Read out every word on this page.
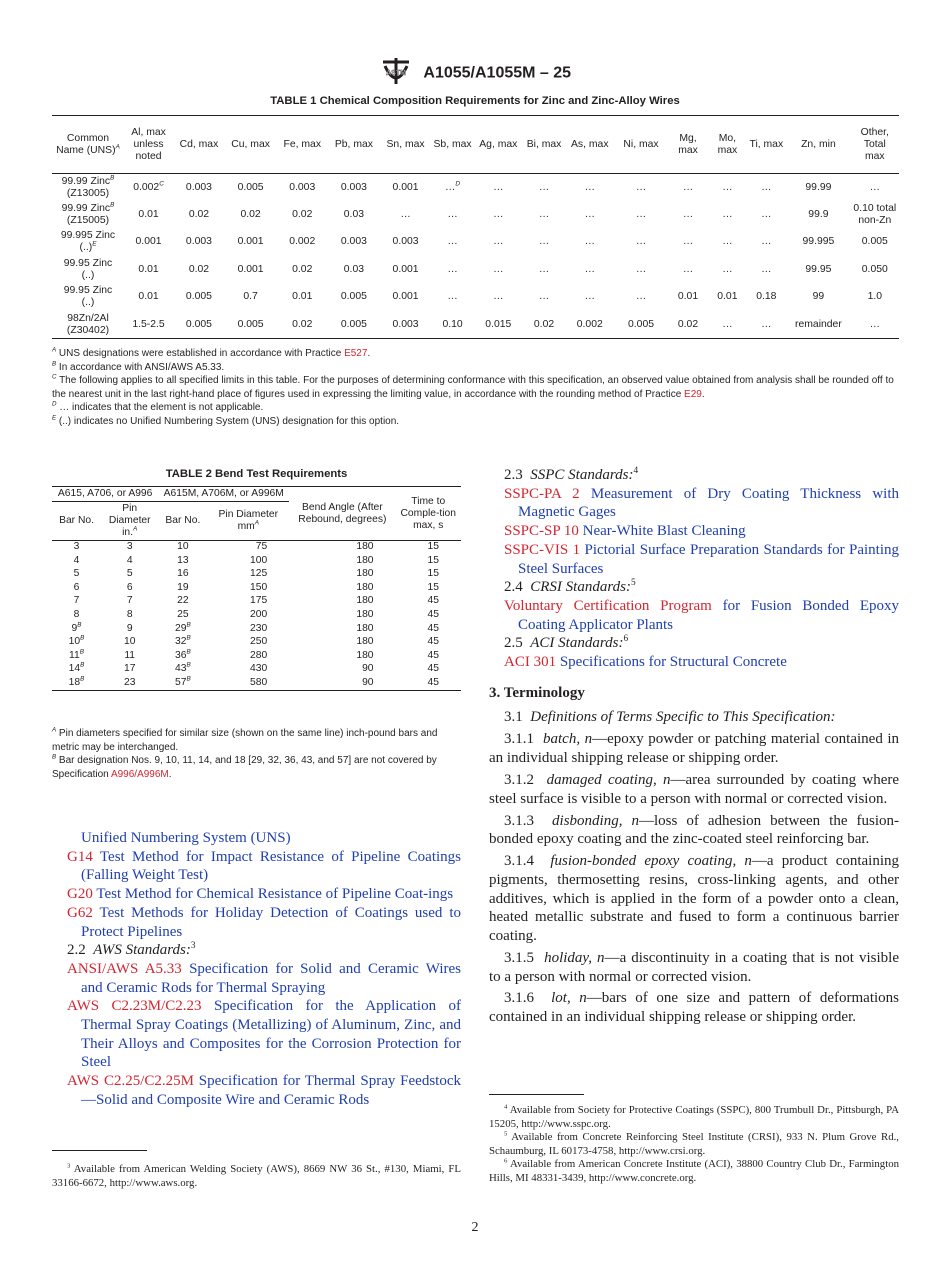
ASTM A1055/A1055M – 25
TABLE 1 Chemical Composition Requirements for Zinc and Zinc-Alloy Wires
Common Name (UNS)$^A$	Al, max unless noted	Cd, max	Cu, max	Fe, max	Pb, max	Sn, max	Sb, max	Ag, max	Bi, max	As, max	Ni, max	Mg, max	Mo, max	Ti, max	Zn, min	Other, Total max
99.99 Zinc$^B$
(Z13005)	$0.002^C$	0.003	0.005	0.003	0.003	0.001	…$^D$	…	…	…	…	…	…	…	99.99	…
99.99 Zinc$^B$
(Z15005)	0.01	0.02	0.02	0.02	0.03	…	…	…	…	…	…	…	…	…	99.9	0.10 total non-Zn
99.995 Zinc
(..)$^E$	0.001	0.003	0.001	0.002	0.003	0.003	…	…	…	…	…	…	…	…	99.995	0.005
99.95 Zinc
(..)	0.01	0.02	0.001	0.02	0.03	0.001	…	…	…	…	…	…	…	…	99.95	0.050
99.95 Zinc
(..)	0.01	0.005	0.7	0.01	0.005	0.001	…	…	…	…	…	0.01	0.01	0.18	99	1.0
98Zn/2Al
(Z30402)	1.5-2.5	0.005	0.005	0.02	0.005	0.003	0.10	0.015	0.02	0.002	0.005	0.02	…	…	remainder	…
$^A$ UNS designations were established in accordance with Practice E527.
$^B$ In accordance with ANSI/AWS A5.33.
$^C$ The following applies to all specified limits in this table. For the purposes of determining conformance with this specification, an observed value obtained from analysis shall be rounded off to the nearest unit in the last right-hand place of figures used in expressing the limiting value, in accordance with the rounding method of Practice E29.
$^D$ … indicates that the element is not applicable.
$^E$ (..) indicates no Unified Numbering System (UNS) designation for this option.
TABLE 2 Bend Test Requirements
A615, A706, or A996		A615M, A706M, or A996M		Bend Angle (After Rebound, degrees)	Time to Comple-tion max, s
Bar No.	Pin Diameter in.$^A$	Bar No.	Pin Diameter $mm^A$
3	3	10	75	180	15
4	4	13	100	180	15
5	5	16	125	180	15
6	6	19	150	180	15
7	7	22	175	180	45
8	8	25	200	180	45
$9^B$	9	$29^B$	230	180	45
$10^B$	10	$32^B$	250	180	45
$11^B$	11	$36^B$	280	180	45
$14^B$	17	$43^B$	430	90	45
$18^B$	23	$57^B$	580	90	45
$^A$ Pin diameters specified for similar size (shown on the same line) inch-pound bars and metric may be interchanged.
$^B$ Bar designation Nos. 9, 10, 11, 14, and 18 [29, 32, 36, 43, and 57] are not covered by Specification A996/A996M.
Unified Numbering System (UNS)
G14 Test Method for Impact Resistance of Pipeline Coatings (Falling Weight Test)
G20 Test Method for Chemical Resistance of Pipeline Coat-ings
G62 Test Methods for Holiday Detection of Coatings used to Protect Pipelines
2.2 AWS Standards:$^3$
ANSI/AWS A5.33 Specification for Solid and Ceramic Wires and Ceramic Rods for Thermal Spraying
AWS C2.23M/C2.23 Specification for the Application of Thermal Spray Coatings (Metallizing) of Aluminum, Zinc, and Their Alloys and Composites for the Corrosion Protection for Steel
AWS C2.25/C2.25M Specification for Thermal Spray Feedstock—Solid and Composite Wire and Ceramic Rods
$^3$ Available from American Welding Society (AWS), 8669 NW 36 St., #130, Miami, FL 33166-6672, http://www.aws.org.
2.3 SSPC Standards:$^4$
SSPC-PA 2 Measurement of Dry Coating Thickness with Magnetic Gages
SSPC-SP 10 Near-White Blast Cleaning
SSPC-VIS 1 Pictorial Surface Preparation Standards for Painting Steel Surfaces
2.4 CRSI Standards:$^5$
Voluntary Certification Program for Fusion Bonded Epoxy Coating Applicator Plants
2.5 ACI Standards:$^6$
ACI 301 Specifications for Structural Concrete
3. Terminology
3.1 Definitions of Terms Specific to This Specification:
3.1.1 batch, n—epoxy powder or patching material contained in an individual shipping release or shipping order.
3.1.2 damaged coating, n—area surrounded by coating where steel surface is visible to a person with normal or corrected vision.
3.1.3 disbonding, n—loss of adhesion between the fusion-bonded epoxy coating and the zinc-coated steel reinforcing bar.
3.1.4 fusion-bonded epoxy coating, n—a product containing pigments, thermosetting resins, cross-linking agents, and other additives, which is applied in the form of a powder onto a clean, heated metallic substrate and fused to form a continuous barrier coating.
3.1.5 holiday, n—a discontinuity in a coating that is not visible to a person with normal or corrected vision.
3.1.6 lot, n—bars of one size and pattern of deformations contained in an individual shipping release or shipping order.
$^4$ Available from Society for Protective Coatings (SSPC), 800 Trumbull Dr., Pittsburgh, PA 15205, http://www.sspc.org.
$^5$ Available from Concrete Reinforcing Steel Institute (CRSI), 933 N. Plum Grove Rd., Schaumburg, IL 60173-4758, http://www.crsi.org.
$^6$ Available from American Concrete Institute (ACI), 38800 Country Club Dr., Farmington Hills, MI 48331-3439, http://www.concrete.org.
2
